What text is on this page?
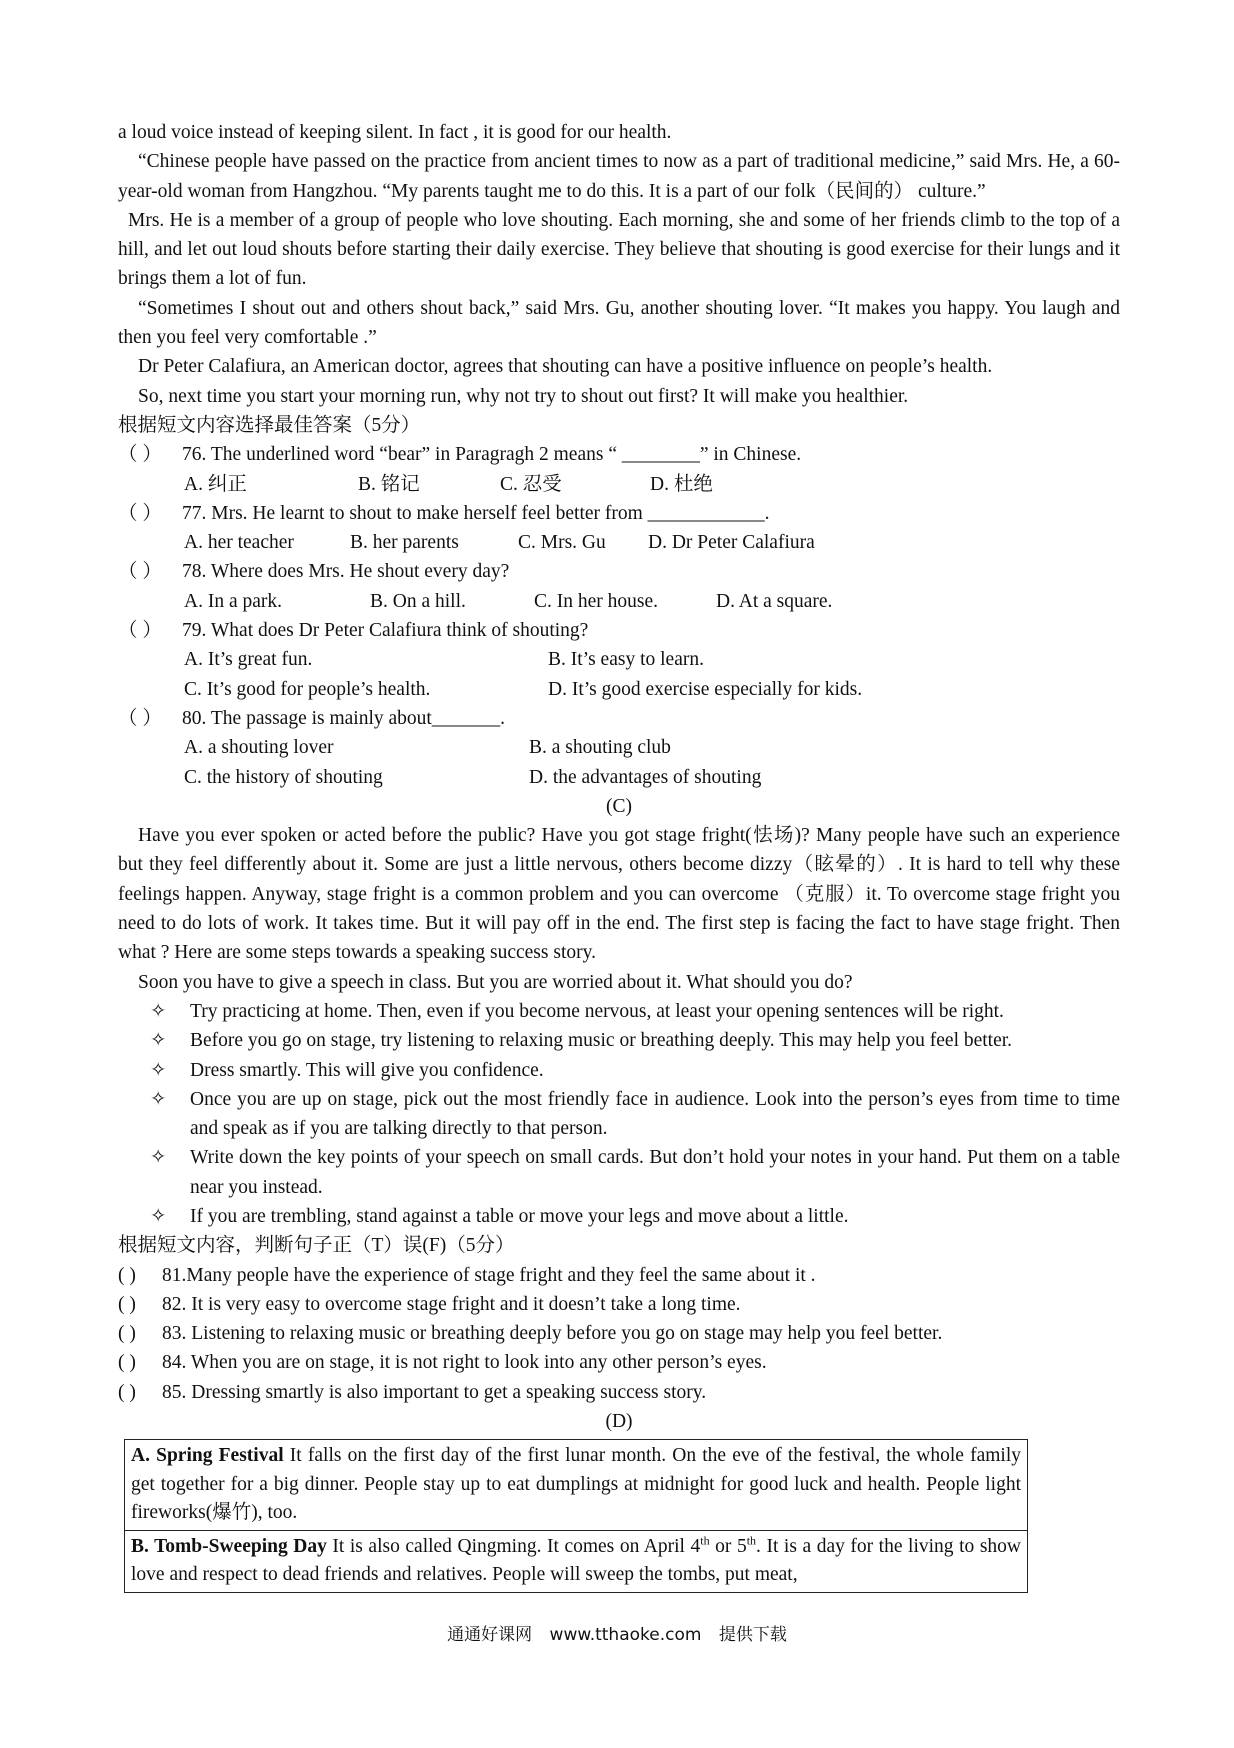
a loud voice instead of keeping silent. In fact , it is good for our health.

“Chinese people have passed on the practice from ancient times to now as a part of traditional medicine,” said Mrs. He, a 60-year-old woman from Hangzhou. “My parents taught me to do this. It is a part of our folk（民间的） culture.”

Mrs. He is a member of a group of people who love shouting. Each morning, she and some of her friends climb to the top of a hill, and let out loud shouts before starting their daily exercise. They believe that shouting is good exercise for their lungs and it brings them a lot of fun.

“Sometimes I shout out and others shout back,” said Mrs. Gu, another shouting lover. “It makes you happy. You laugh and then you feel very comfortable .”

Dr Peter Calafiura, an American doctor, agrees that shouting can have a positive influence on people’s health.

So, next time you start your morning run, why not try to shout out first? It will make you healthier.

根据短文内容选择最佳答案（5分）

（ ） 76. The underlined word “bear” in Paragragh 2 means “ ________” in Chinese.

A. 纠正	B. 铭记	C. 忍受	D. 杜绝

（ ） 77. Mrs. He learnt to shout to make herself feel better from ____________.

A. her teacher	B. her parents	C. Mrs. Gu	D. Dr Peter Calafiura

（ ） 78. Where does Mrs. He shout every day?

A. In a park.	B. On a hill.	C. In her house.	D. At a square.

（ ） 79. What does Dr Peter Calafiura think of shouting?

A. It’s great fun.	B. It’s easy to learn.

C. It’s good for people’s health.	D. It’s good exercise especially for kids.

（ ） 80. The passage is mainly about_______.

A. a shouting lover	B. a shouting club

C. the history of shouting	D. the advantages of shouting

(C)

Have you ever spoken or acted before the public? Have you got stage fright(怯场)? Many people have such an experience but they feel differently about it. Some are just a little nervous, others become dizzy（眩晕的）. It is hard to tell why these feelings happen. Anyway, stage fright is a common problem and you can overcome （克服）it. To overcome stage fright you need to do lots of work. It takes time. But it will pay off in the end. The first step is facing the fact to have stage fright. Then what ? Here are some steps towards a speaking success story.

Soon you have to give a speech in class. But you are worried about it. What should you do?

✧	Try practicing at home. Then, even if you become nervous, at least your opening sentences will be right.
✧	Before you go on stage, try listening to relaxing music or breathing deeply. This may help you feel better.
✧	Dress smartly. This will give you confidence.
✧	Once you are up on stage, pick out the most friendly face in audience. Look into the person’s eyes from time to time and speak as if you are talking directly to that person.
✧	Write down the key points of your speech on small cards. But don’t hold your notes in your hand. Put them on a table near you instead.
✧	If you are trembling, stand against a table or move your legs and move about a little.

根据短文内容，判断句子正（T）误(F)（5分）

( ) 81.Many people have the experience of stage fright and they feel the same about it .

( ) 82. It is very easy to overcome stage fright and it doesn’t take a long time.

( ) 83. Listening to relaxing music or breathing deeply before you go on stage may help you feel better.

( ) 84. When you are on stage, it is not right to look into any other person’s eyes.

( ) 85. Dressing smartly is also important to get a speaking success story.

(D)

A. Spring Festival It falls on the first day of the first lunar month. On the eve of the festival, the whole family get together for a big dinner. People stay up to eat dumplings at midnight for good luck and health. People light fireworks(爆竹), too.
B. Tomb-Sweeping Day It is also called Qingming. It comes on April 4th or 5th. It is a day for the living to show love and respect to dead friends and relatives. People will sweep the tombs, put meat,
通通好课网 www.tthaoke.com 提供下载
